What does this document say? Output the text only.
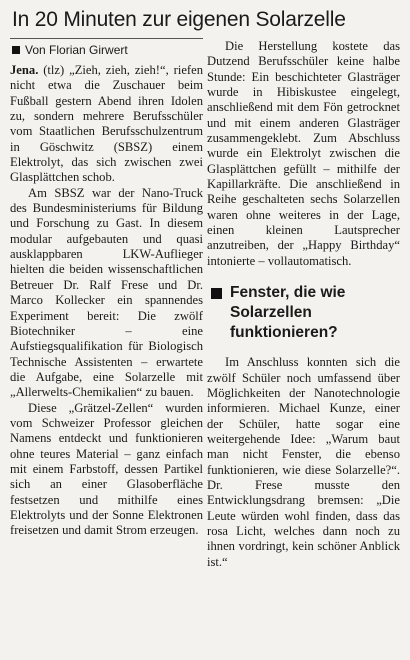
In 20 Minuten zur eigenen Solarzelle
Von Florian Girwert

Jena. (tlz) „Zieh, zieh, zieh!“, riefen nicht etwa die Zuschauer beim Fußball gestern Abend ihren Idolen zu, sondern mehrere Berufsschüler vom Staatlichen Berufsschulzentrum in Göschwitz (SBSZ) einem Elektrolyt, das sich zwischen zwei Glasplättchen schob.

Am SBSZ war der Nano-Truck des Bundesministeriums für Bildung und Forschung zu Gast. In diesem modular aufgebauten und quasi ausklappbaren LKW-Auflieger hielten die beiden wissenschaftlichen Betreuer Dr. Ralf Frese und Dr. Marco Kollecker ein spannendes Experiment bereit: Die zwölf Biotechniker – eine Aufstiegsqualifikation für Biologisch Technische Assistenten – erwartete die Aufgabe, eine Solarzelle mit „Allerwelts-Chemikalien“ zu bauen.

Diese „Grätzel-Zellen“ wurden vom Schweizer Professor gleichen Namens entdeckt und funktionieren ohne teures Material – ganz einfach mit einem Farbstoff, dessen Partikel sich an einer Glasoberfläche festsetzen und mithilfe eines Elektrolyts und der Sonne Elektronen freisetzen und damit Strom erzeugen.

Die Herstellung kostete das Dutzend Berufsschüler keine halbe Stunde: Ein beschichteter Glasträger wurde in Hibiskustee eingelegt, anschließend mit dem Fön getrocknet und mit einem anderen Glasträger zusammengeklebt. Zum Abschluss wurde ein Elektrolyt zwischen die Glasplättchen gefüllt – mithilfe der Kapillarkräfte. Die anschließend in Reihe geschalteten sechs Solarzellen waren ohne weiteres in der Lage, einen kleinen Lautsprecher anzutreiben, der „Happy Birthday“ intonierte – vollautomatisch.

Fenster, die wie Solarzellen funktionieren?

Im Anschluss konnten sich die zwölf Schüler noch umfassend über Möglichkeiten der Nanotechnologie informieren. Michael Kunze, einer der Schüler, hatte sogar eine weitergehende Idee: „Warum baut man nicht Fenster, die ebenso funktionieren, wie diese Solarzelle?“. Dr. Frese musste den Entwicklungsdrang bremsen: „Die Leute würden wohl finden, dass das rosa Licht, welches dann noch zu ihnen vordringt, kein schöner Anblick ist.“
